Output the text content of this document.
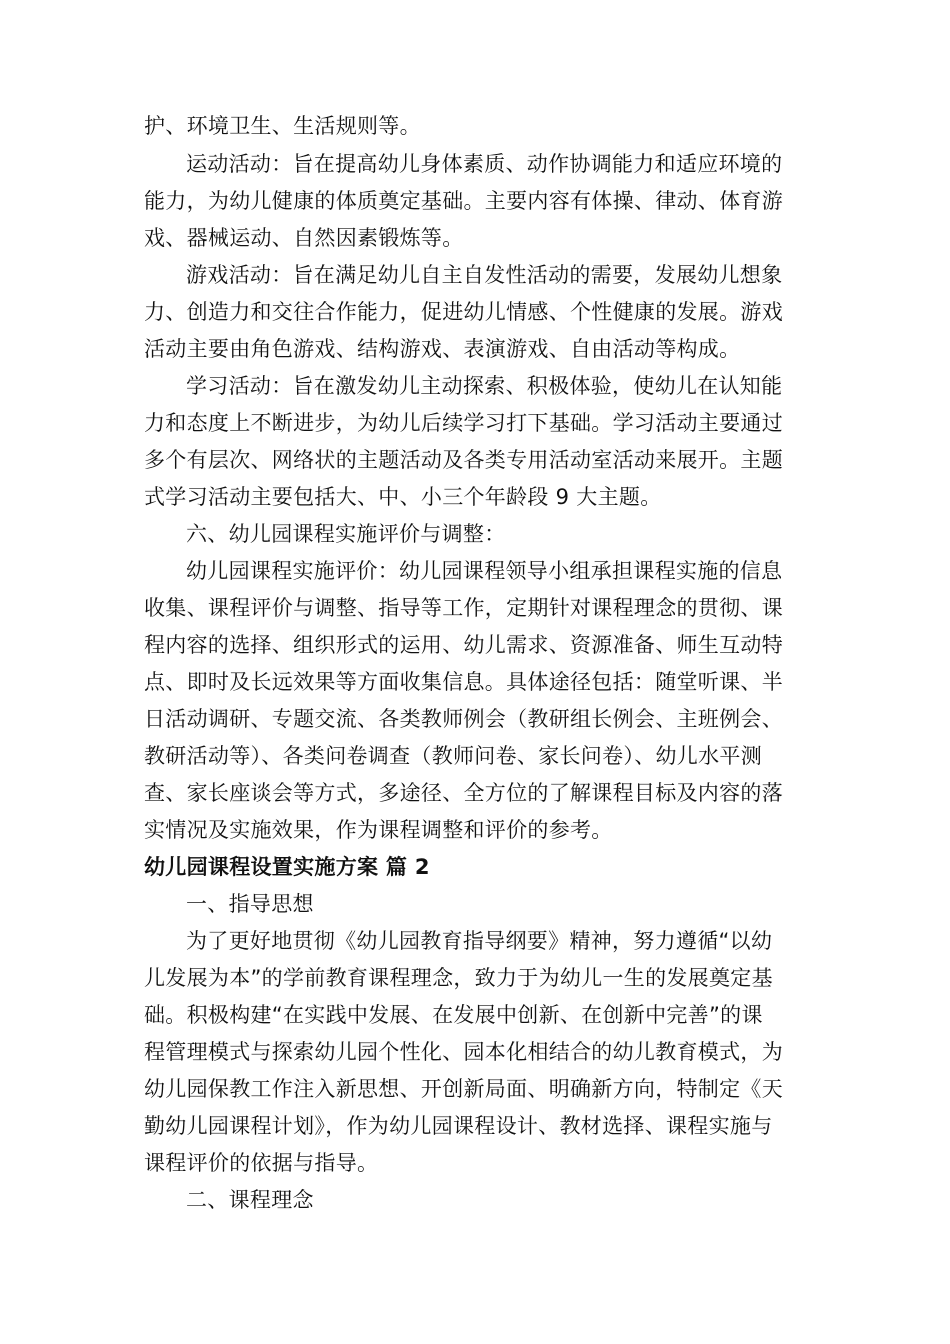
护、环境卫生、生活规则等。
运动活动：旨在提高幼儿身体素质、动作协调能力和适应环境的
能力，为幼儿健康的体质奠定基础。主要内容有体操、律动、体育游
戏、器械运动、自然因素锻炼等。
游戏活动：旨在满足幼儿自主自发性活动的需要，发展幼儿想象
力、创造力和交往合作能力，促进幼儿情感、个性健康的发展。游戏
活动主要由角色游戏、结构游戏、表演游戏、自由活动等构成。
学习活动：旨在激发幼儿主动探索、积极体验，使幼儿在认知能
力和态度上不断进步，为幼儿后续学习打下基础。学习活动主要通过
多个有层次、网络状的主题活动及各类专用活动室活动来展开。主题
式学习活动主要包括大、中、小三个年龄段 9 大主题。
六、幼儿园课程实施评价与调整：
幼儿园课程实施评价：幼儿园课程领导小组承担课程实施的信息
收集、课程评价与调整、指导等工作，定期针对课程理念的贯彻、课
程内容的选择、组织形式的运用、幼儿需求、资源准备、师生互动特
点、即时及长远效果等方面收集信息。具体途径包括：随堂听课、半
日活动调研、专题交流、各类教师例会（教研组长例会、主班例会、
教研活动等）、各类问卷调查（教师问卷、家长问卷）、幼儿水平测
查、家长座谈会等方式，多途径、全方位的了解课程目标及内容的落
实情况及实施效果，作为课程调整和评价的参考。
幼儿园课程设置实施方案 篇 2
一、指导思想
为了更好地贯彻《幼儿园教育指导纲要》精神，努力遵循“以幼
儿发展为本”的学前教育课程理念，致力于为幼儿一生的发展奠定基
础。积极构建“在实践中发展、在发展中创新、在创新中完善”的课
程管理模式与探索幼儿园个性化、园本化相结合的幼儿教育模式，为
幼儿园保教工作注入新思想、开创新局面、明确新方向，特制定《天
勤幼儿园课程计划》，作为幼儿园课程设计、教材选择、课程实施与
课程评价的依据与指导。
二、课程理念
